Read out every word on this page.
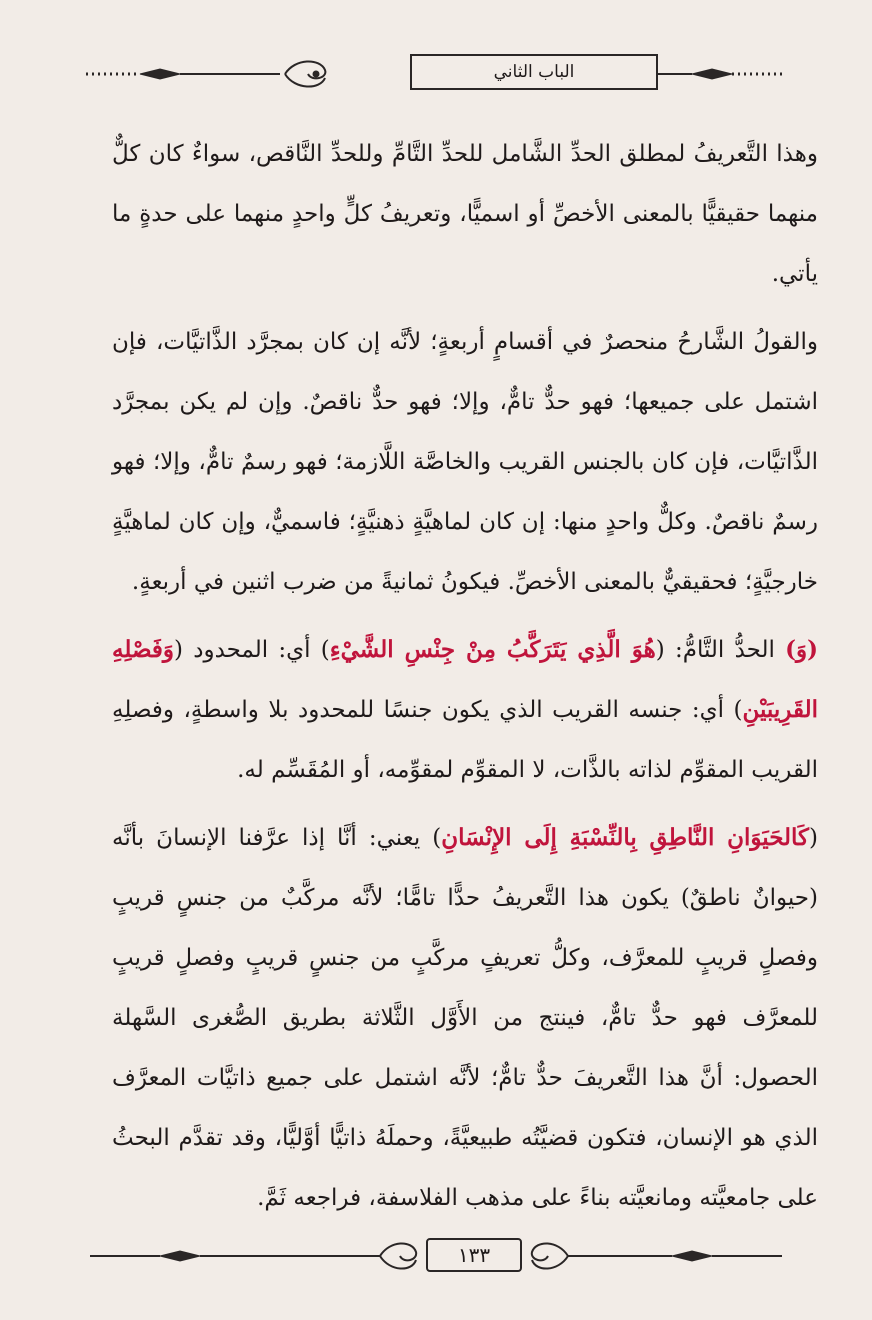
الباب الثاني

وهذا التَّعريفُ لمطلق الحدِّ الشَّامل للحدِّ التَّامِّ وللحدِّ النَّاقص، سواءٌ كان كلٌّ منهما حقيقيًّا بالمعنى الأخصِّ أو اسميًّا، وتعريفُ كلٍّ واحدٍ منهما على حدةٍ ما يأتي.

والقولُ الشَّارحُ منحصرٌ في أقسامٍ أربعةٍ؛ لأنَّه إن كان بمجرَّد الذَّاتيَّات، فإن اشتمل على جميعها؛ فهو حدٌّ تامٌّ، وإلا؛ فهو حدٌّ ناقصٌ. وإن لم يكن بمجرَّد الذَّاتيَّات، فإن كان بالجنس القريب والخاصَّة اللَّازمة؛ فهو رسمٌ تامٌّ، وإلا؛ فهو رسمٌ ناقصٌ. وكلٌّ واحدٍ منها: إن كان لماهيَّةٍ ذهنيَّةٍ؛ فاسميٌّ، وإن كان لماهيَّةٍ خارجيَّةٍ؛ فحقيقيٌّ بالمعنى الأخصِّ. فيكونُ ثمانيةً من ضرب اثنين في أربعةٍ.

(وَ) الحدُّ التَّامُّ: (هُوَ الَّذِي يَتَرَكَّبُ مِنْ جِنْسِ الشَّيْءِ) أي: المحدود (وَفَصْلِهِ القَرِيبَيْنِ) أي: جنسه القريب الذي يكون جنسًا للمحدود بلا واسطةٍ، وفصلِهِ القريب المقوِّم لذاته بالذَّات، لا المقوِّم لمقوِّمه، أو المُقَسِّم له.

(كَالحَيَوَانِ النَّاطِقِ بِالنِّسْبَةِ إِلَى الإِنْسَانِ) يعني: أنَّا إذا عرَّفنا الإنسانَ بأنَّه (حيوانٌ ناطقٌ) يكون هذا التَّعريفُ حدًّا تامًّا؛ لأنَّه مركَّبٌ من جنسٍ قريبٍ وفصلٍ قريبٍ للمعرَّف، وكلُّ تعريفٍ مركَّبٍ من جنسٍ قريبٍ وفصلٍ قريبٍ للمعرَّف فهو حدٌّ تامٌّ، فينتج من الأَوَّل الثَّلاثة بطريق الصُّغرى السَّهلة الحصول: أنَّ هذا التَّعريفَ حدٌّ تامٌّ؛ لأنَّه اشتمل على جميع ذاتيَّات المعرَّف الذي هو الإنسان، فتكون قضيَّتُه طبيعيَّةً، وحملَهُ ذاتيًّا أوَّليًّا، وقد تقدَّم البحثُ على جامعيَّته ومانعيَّته بناءً على مذهب الفلاسفة، فراجعه ثَمَّ.

١٣٣
